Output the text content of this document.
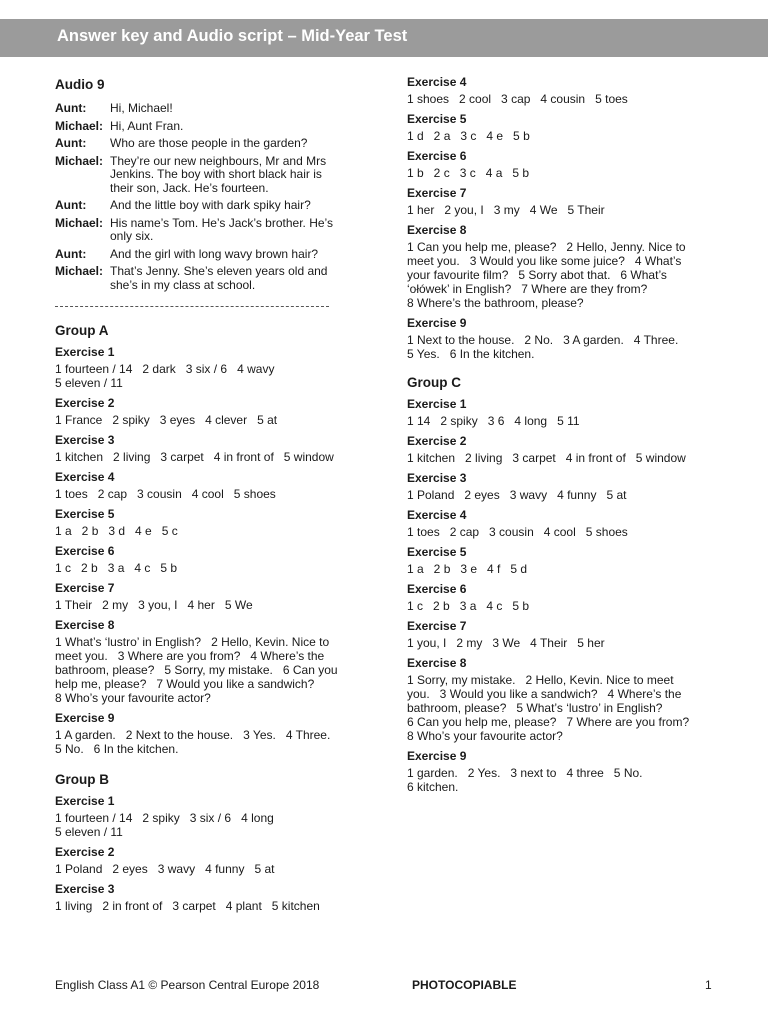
Answer key and Audio script – Mid-Year Test
Audio 9
Aunt:	Hi, Michael!
Michael: Hi, Aunt Fran.
Aunt:	Who are those people in the garden?
Michael: They’re our new neighbours, Mr and Mrs
Jenkins. The boy with short black hair is
their son, Jack. He’s fourteen.
Aunt:	And the little boy with dark spiky hair?
Michael: His name’s Tom. He’s Jack’s brother. He’s
only six.
Aunt:	And the girl with long wavy brown hair?
Michael: That’s Jenny. She’s eleven years old and
she’s in my class at school.
Group A
Exercise 1
1 fourteen / 14   2 dark   3 six / 6   4 wavy
5 eleven / 11
Exercise 2
1 France   2 spiky   3 eyes   4 clever   5 at
Exercise 3
1 kitchen   2 living   3 carpet   4 in front of   5 window
Exercise 4
1 toes   2 cap   3 cousin   4 cool   5 shoes
Exercise 5
1 a   2 b   3 d   4 e   5 c
Exercise 6
1 c   2 b   3 a   4 c   5 b
Exercise 7
1 Their   2 my   3 you, I   4 her   5 We
Exercise 8
1 What’s ‘lustro’ in English?   2 Hello, Kevin. Nice to
meet you.   3 Where are you from?   4 Where’s the
bathroom, please?   5 Sorry, my mistake.   6 Can you
help me, please?   7 Would you like a sandwich?
8 Who’s your favourite actor?
Exercise 9
1 A garden.   2 Next to the house.   3 Yes.   4 Three.
5 No.   6 In the kitchen.
Group B
Exercise 1
1 fourteen / 14   2 spiky   3 six / 6   4 long
5 eleven / 11
Exercise 2
1 Poland   2 eyes   3 wavy   4 funny   5 at
Exercise 3
1 living   2 in front of   3 carpet   4 plant   5 kitchen
Exercise 4
1 shoes   2 cool   3 cap   4 cousin   5 toes
Exercise 5
1 d   2 a   3 c   4 e   5 b
Exercise 6
1 b   2 c   3 c   4 a   5 b
Exercise 7
1 her   2 you, I   3 my   4 We   5 Their
Exercise 8
1 Can you help me, please?   2 Hello, Jenny. Nice to
meet you.   3 Would you like some juice?   4 What’s
your favourite film?   5 Sorry abot that.   6 What’s
‘ołówek’ in English?   7 Where are they from?
8 Where’s the bathroom, please?
Exercise 9
1 Next to the house.   2 No.   3 A garden.   4 Three.
5 Yes.   6 In the kitchen.
Group C
Exercise 1
1 14   2 spiky   3 6   4 long   5 11
Exercise 2
1 kitchen   2 living   3 carpet   4 in front of   5 window
Exercise 3
1 Poland   2 eyes   3 wavy   4 funny   5 at
Exercise 4
1 toes   2 cap   3 cousin   4 cool   5 shoes
Exercise 5
1 a   2 b   3 e   4 f   5 d
Exercise 6
1 c   2 b   3 a   4 c   5 b
Exercise 7
1 you, I   2 my   3 We   4 Their   5 her
Exercise 8
1 Sorry, my mistake.   2 Hello, Kevin. Nice to meet
you.   3 Would you like a sandwich?   4 Where’s the
bathroom, please?   5 What’s ‘lustro’ in English?
6 Can you help me, please?   7 Where are you from?
8 Who’s your favourite actor?
Exercise 9
1 garden.   2 Yes.   3 next to   4 three   5 No.
6 kitchen.
English Class A1 © Pearson Central Europe 2018	PHOTOCOPIABLE	1
